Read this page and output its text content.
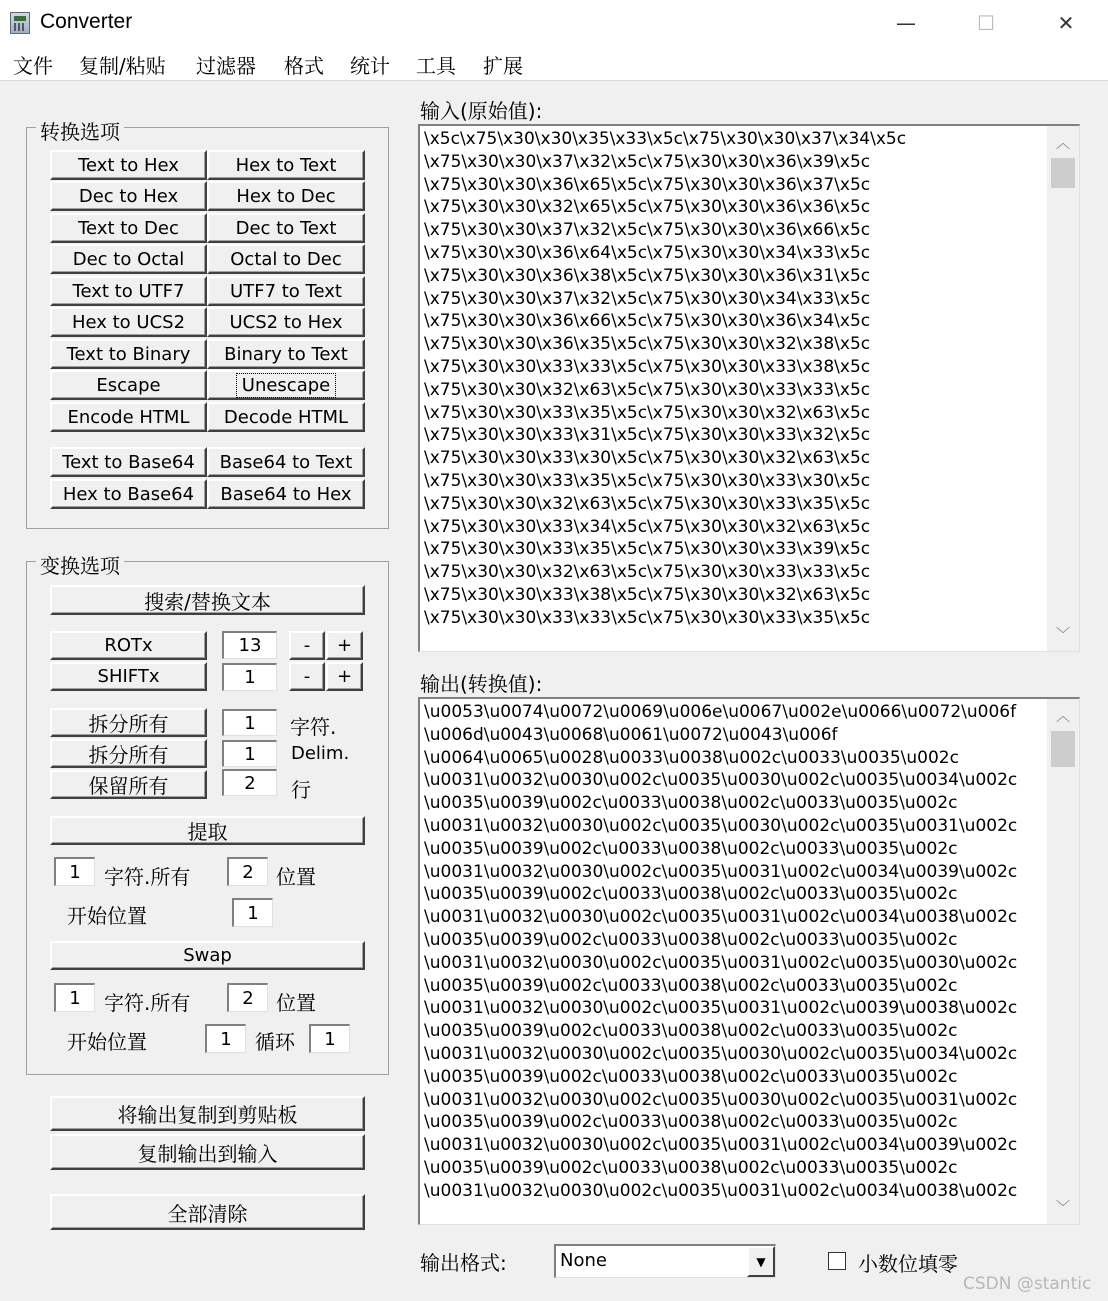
Converter	—	☐	✕
文件 复制/粘贴 过滤器 格式 统计 工具 扩展
转换选项
Text to Hex	Hex to Text
Dec to Hex	Hex to Dec
Text to Dec	Dec to Text
Dec to Octal	Octal to Dec
Text to UTF7	UTF7 to Text
Hex to UCS2 UCS2 to Hex
Text to Binary Binary to Text
Escape	Unescape
Encode HTML Decode HTML
Text to Base64 Base64 to Text
Hex to Base64 Base64 to Hex
变换选项
搜索/替换文本
ROTx	13	- +
SHIFTx	1	- +
拆分所有	1	字符.
拆分所有	1	Delim.
保留所有	2	行
提取
1	字符.所有	2	位置
开始位置	1
Swap
1	字符.所有	2	位置
开始位置	1	循环	1
将输出复制到剪贴板
复制输出到输入
全部清除
输入(原始值):
\x5c\x75\x30\x30\x35\x33\x5c\x75\x30\x30\x37\x34\x5c
\x75\x30\x30\x37\x32\x5c\x75\x30\x30\x36\x39\x5c
\x75\x30\x30\x36\x65\x5c\x75\x30\x30\x36\x37\x5c
\x75\x30\x30\x32\x65\x5c\x75\x30\x30\x36\x36\x5c
\x75\x30\x30\x37\x32\x5c\x75\x30\x30\x36\x66\x5c
\x75\x30\x30\x36\x64\x5c\x75\x30\x30\x34\x33\x5c
\x75\x30\x30\x36\x38\x5c\x75\x30\x30\x36\x31\x5c
\x75\x30\x30\x37\x32\x5c\x75\x30\x30\x34\x33\x5c
\x75\x30\x30\x36\x66\x5c\x75\x30\x30\x36\x34\x5c
\x75\x30\x30\x36\x35\x5c\x75\x30\x30\x32\x38\x5c
\x75\x30\x30\x33\x33\x5c\x75\x30\x30\x33\x38\x5c
\x75\x30\x30\x32\x63\x5c\x75\x30\x30\x33\x33\x5c
\x75\x30\x30\x33\x35\x5c\x75\x30\x30\x32\x63\x5c
\x75\x30\x30\x33\x31\x5c\x75\x30\x30\x33\x32\x5c
\x75\x30\x30\x33\x30\x5c\x75\x30\x30\x32\x63\x5c
\x75\x30\x30\x33\x35\x5c\x75\x30\x30\x33\x30\x5c
\x75\x30\x30\x32\x63\x5c\x75\x30\x30\x33\x35\x5c
\x75\x30\x30\x33\x34\x5c\x75\x30\x30\x32\x63\x5c
\x75\x30\x30\x33\x35\x5c\x75\x30\x30\x33\x39\x5c
\x75\x30\x30\x32\x63\x5c\x75\x30\x30\x33\x33\x5c
\x75\x30\x30\x33\x38\x5c\x75\x30\x30\x32\x63\x5c
\x75\x30\x30\x33\x33\x5c\x75\x30\x30\x33\x35\x5c
︿
﹀
输出(转换值):
\u0053\u0074\u0072\u0069\u006e\u0067\u002e\u0066\u0072\u006f
\u006d\u0043\u0068\u0061\u0072\u0043\u006f
\u0064\u0065\u0028\u0033\u0038\u002c\u0033\u0035\u002c
\u0031\u0032\u0030\u002c\u0035\u0030\u002c\u0035\u0034\u002c
\u0035\u0039\u002c\u0033\u0038\u002c\u0033\u0035\u002c
\u0031\u0032\u0030\u002c\u0035\u0030\u002c\u0035\u0031\u002c
\u0035\u0039\u002c\u0033\u0038\u002c\u0033\u0035\u002c
\u0031\u0032\u0030\u002c\u0035\u0031\u002c\u0034\u0039\u002c
\u0035\u0039\u002c\u0033\u0038\u002c\u0033\u0035\u002c
\u0031\u0032\u0030\u002c\u0035\u0031\u002c\u0034\u0038\u002c
\u0035\u0039\u002c\u0033\u0038\u002c\u0033\u0035\u002c
\u0031\u0032\u0030\u002c\u0035\u0031\u002c\u0035\u0030\u002c
\u0035\u0039\u002c\u0033\u0038\u002c\u0033\u0035\u002c
\u0031\u0032\u0030\u002c\u0035\u0031\u002c\u0039\u0038\u002c
\u0035\u0039\u002c\u0033\u0038\u002c\u0033\u0035\u002c
\u0031\u0032\u0030\u002c\u0035\u0030\u002c\u0035\u0034\u002c
\u0035\u0039\u002c\u0033\u0038\u002c\u0033\u0035\u002c
\u0031\u0032\u0030\u002c\u0035\u0030\u002c\u0035\u0031\u002c
\u0035\u0039\u002c\u0033\u0038\u002c\u0033\u0035\u002c
\u0031\u0032\u0030\u002c\u0035\u0031\u002c\u0034\u0039\u002c
\u0035\u0039\u002c\u0033\u0038\u002c\u0033\u0035\u002c
\u0031\u0032\u0030\u002c\u0035\u0031\u002c\u0034\u0038\u002c
︿
﹀
输出格式:	None	▼	小数位填零
CSDN @stantic
